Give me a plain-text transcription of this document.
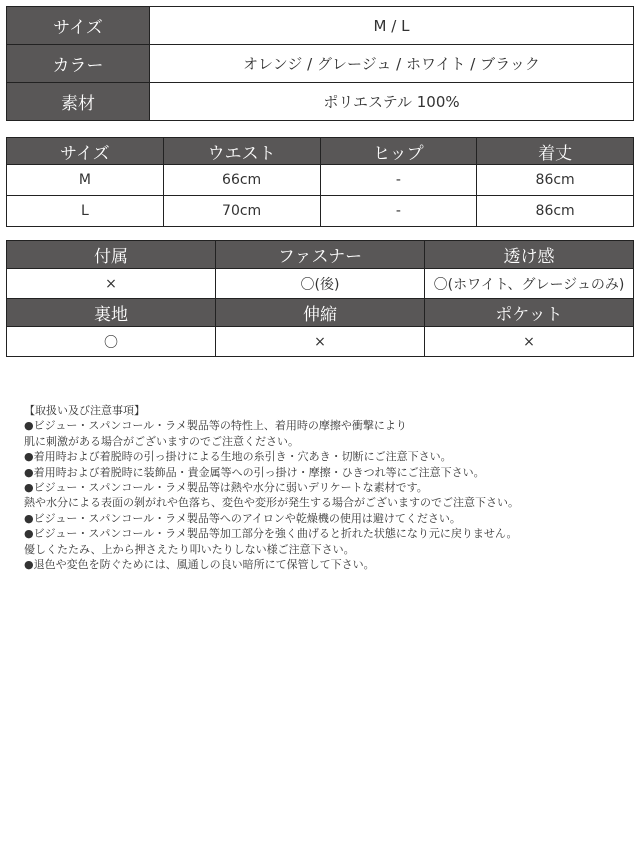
サイズ	M / L
カラー	オレンジ / グレージュ / ホワイト / ブラック
素材	ポリエステル 100%
サイズ	ウエスト	ヒップ	着丈
M	66cm	-	86cm
L	70cm	-	86cm
付属	ファスナー	透け感
×	〇(後)	〇(ホワイト、グレージュのみ)
裏地	伸縮	ポケット
〇	×	×
【取扱い及び注意事項】
●ビジュー・スパンコール・ラメ製品等の特性上、着用時の摩擦や衝撃により
肌に刺激がある場合がございますのでご注意ください。
●着用時および着脱時の引っ掛けによる生地の糸引き・穴あき・切断にご注意下さい。
●着用時および着脱時に装飾品・貴金属等への引っ掛け・摩擦・ひきつれ等にご注意下さい。
●ビジュー・スパンコール・ラメ製品等は熱や水分に弱いデリケートな素材です。
熱や水分による表面の剝がれや色落ち、変色や変形が発生する場合がございますのでご注意下さい。
●ビジュー・スパンコール・ラメ製品等へのアイロンや乾燥機の使用は避けてください。
●ビジュー・スパンコール・ラメ製品等加工部分を強く曲げると折れた状態になり元に戻りません。
優しくたたみ、上から押さえたり叩いたりしない様ご注意下さい。
●退色や変色を防ぐためには、風通しの良い暗所にて保管して下さい。
